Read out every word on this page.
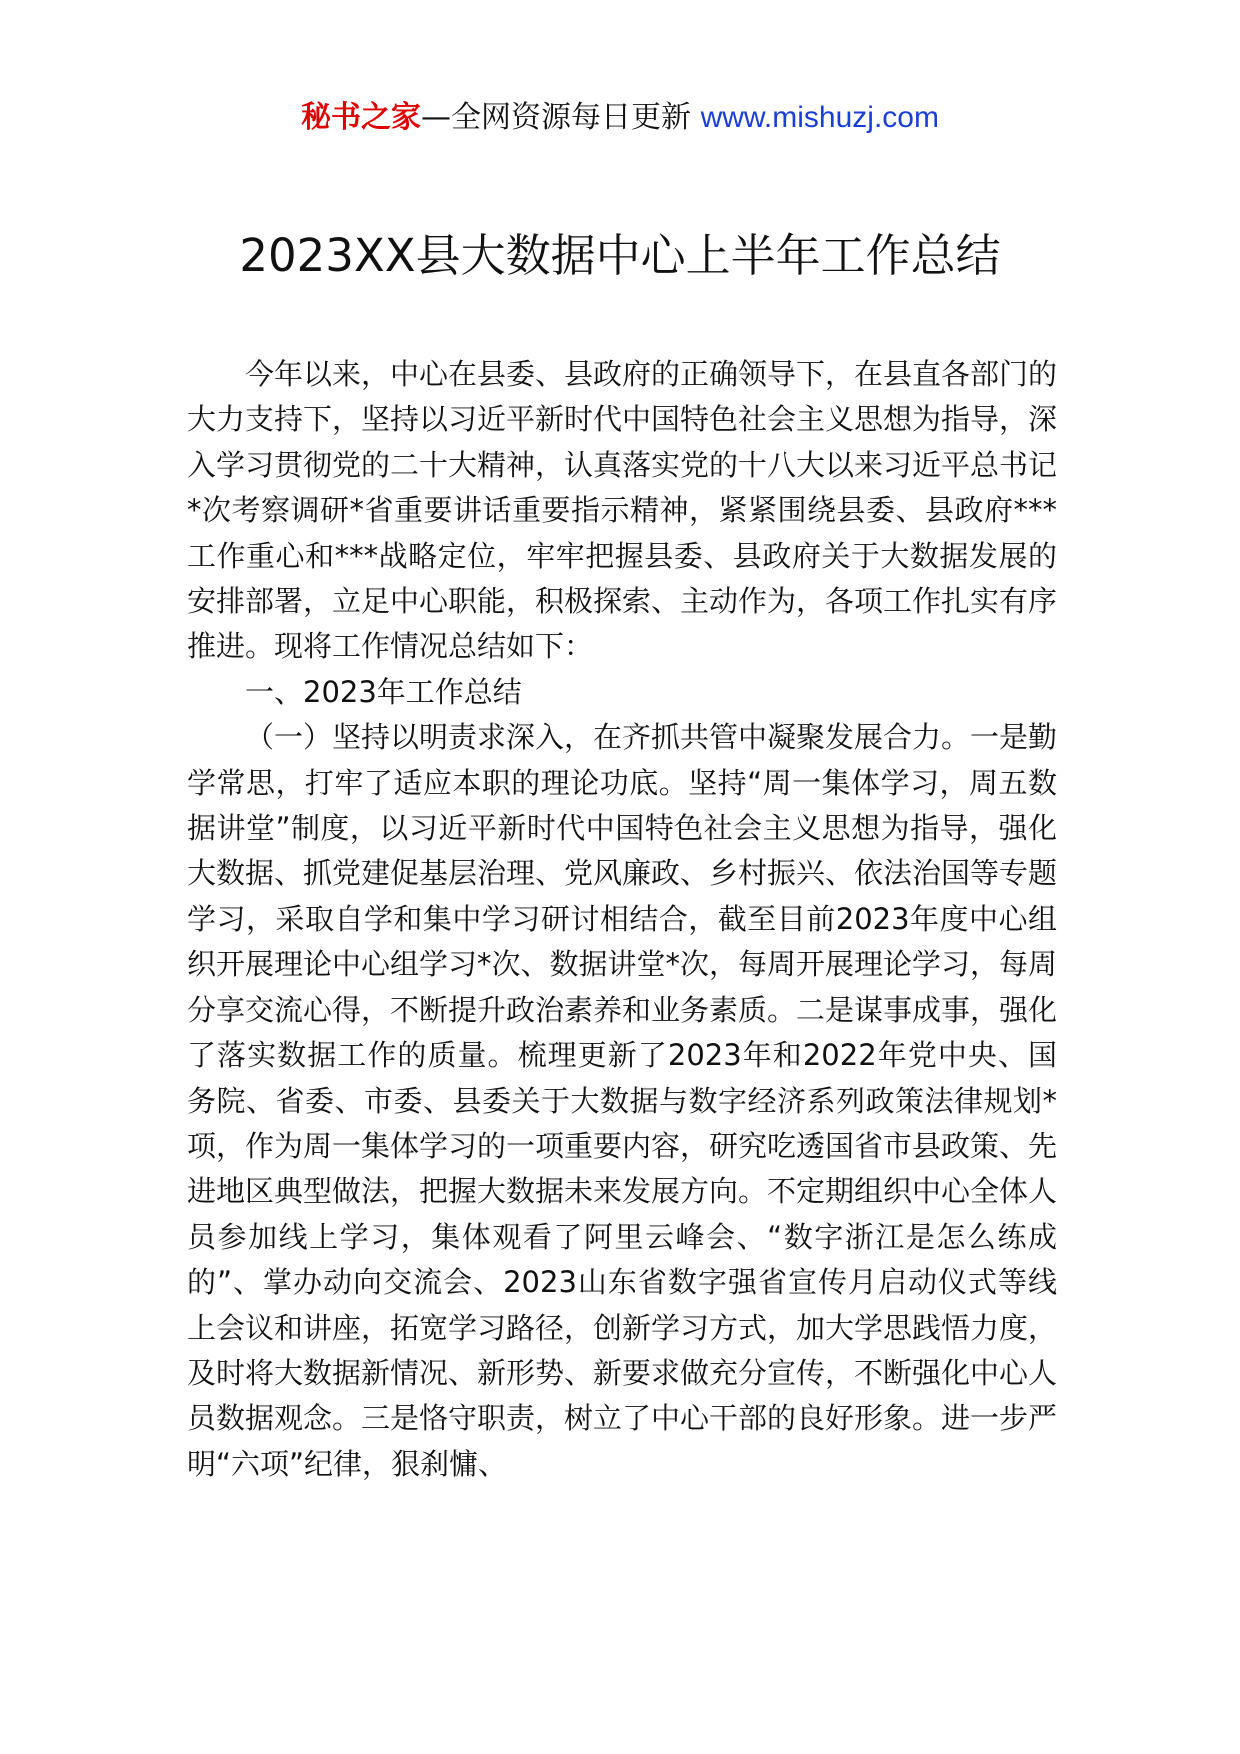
秘书之家—全网资源每日更新 www.mishuzj.com
2023XX县大数据中心上半年工作总结

今年以来，中心在县委、县政府的正确领导下，在县直各部门的大力支持下，坚持以习近平新时代中国特色社会主义思想为指导，深入学习贯彻党的二十大精神，认真落实党的十八大以来习近平总书记*次考察调研*省重要讲话重要指示精神，紧紧围绕县委、县政府***工作重心和***战略定位，牢牢把握县委、县政府关于大数据发展的安排部署，立足中心职能，积极探索、主动作为，各项工作扎实有序推进。现将工作情况总结如下：

一、2023年工作总结

（一）坚持以明责求深入，在齐抓共管中凝聚发展合力。一是勤学常思，打牢了适应本职的理论功底。坚持“周一集体学习，周五数据讲堂”制度，以习近平新时代中国特色社会主义思想为指导，强化大数据、抓党建促基层治理、党风廉政、乡村振兴、依法治国等专题学习，采取自学和集中学习研讨相结合，截至目前2023年度中心组织开展理论中心组学习*次、数据讲堂*次，每周开展理论学习，每周分享交流心得，不断提升政治素养和业务素质。二是谋事成事，强化了落实数据工作的质量。梳理更新了2023年和2022年党中央、国务院、省委、市委、县委关于大数据与数字经济系列政策法律规划*项，作为周一集体学习的一项重要内容，研究吃透国省市县政策、先进地区典型做法，把握大数据未来发展方向。不定期组织中心全体人员参加线上学习，集体观看了阿里云峰会、“数字浙江是怎么练成的”、掌办动向交流会、2023山东省数字强省宣传月启动仪式等线上会议和讲座，拓宽学习路径，创新学习方式，加大学思践悟力度，及时将大数据新情况、新形势、新要求做充分宣传，不断强化中心人员数据观念。三是恪守职责，树立了中心干部的良好形象。进一步严明“六项”纪律，狠刹慵、
